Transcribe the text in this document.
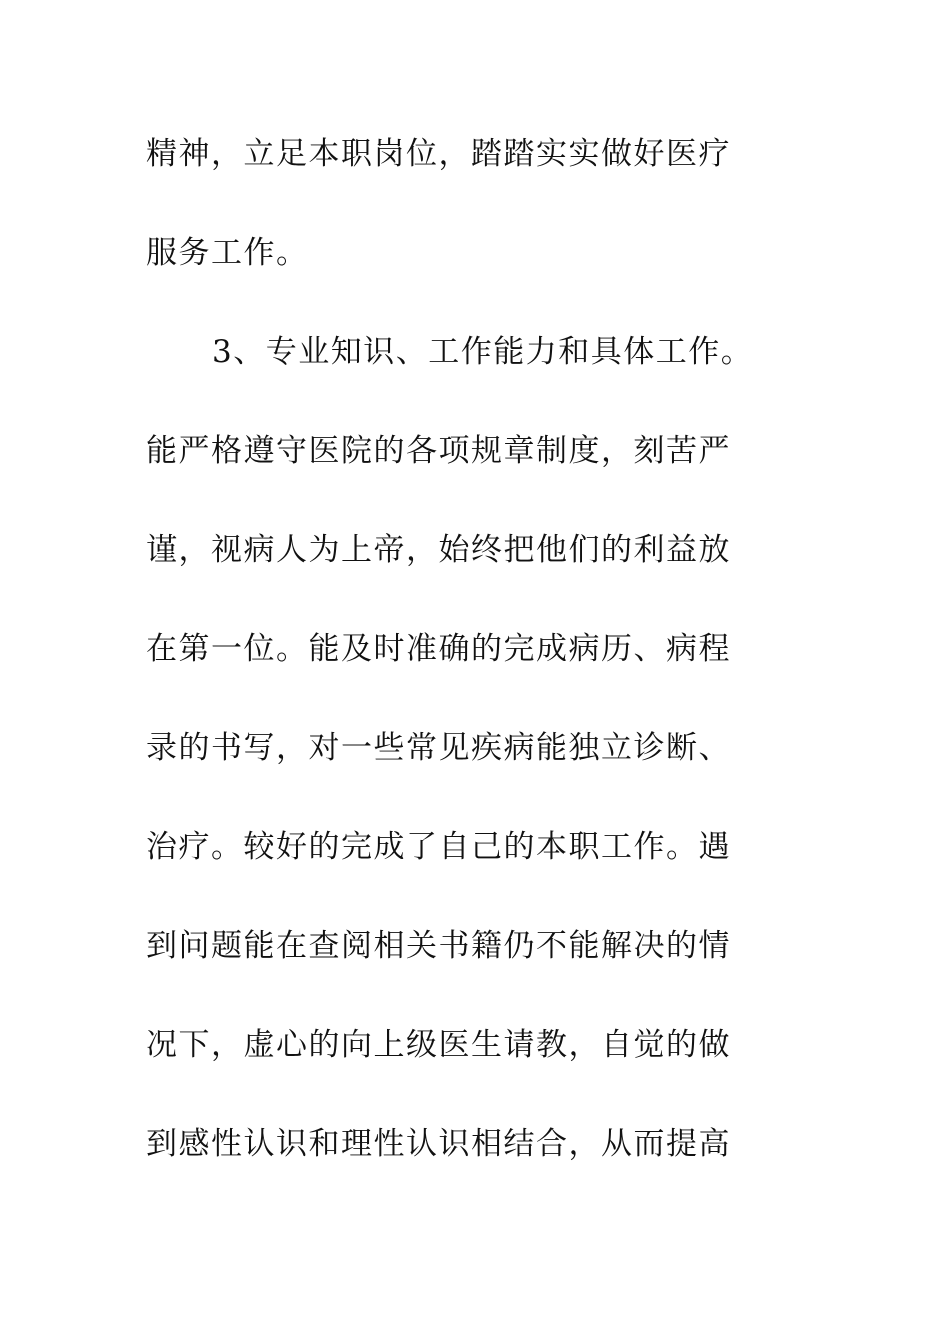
精神，立足本职岗位，踏踏实实做好医疗
服务工作。
3、专业知识、工作能力和具体工作。
能严格遵守医院的各项规章制度，刻苦严
谨，视病人为上帝，始终把他们的利益放
在第一位。能及时准确的完成病历、病程
录的书写，对一些常见疾病能独立诊断、
治疗。较好的完成了自己的本职工作。遇
到问题能在查阅相关书籍仍不能解决的情
况下，虚心的向上级医生请教，自觉的做
到感性认识和理性认识相结合，从而提高
